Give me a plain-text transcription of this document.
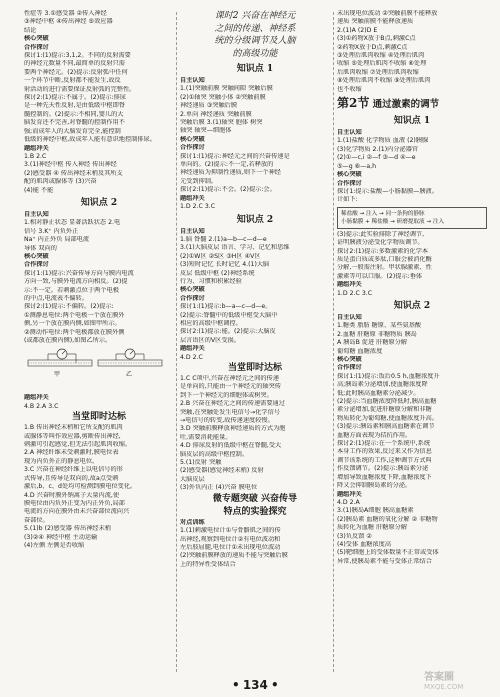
性症等 3.①感受器 ②传入神经
③神经中枢 ④传出神经 ⑤效应器
结论
核心突破
合作探讨
探讨1:(1)提示:3,1,2。不同的反射需要
的神经元数量不同,最简单的反射只需
要两个神经元。(2)提示:反射弧中任何
一个环节中断,反射都不能发生,故反
射活动的进行需要保证反射弧的完整性。
探讨2:(1)提示:不属于。(2)提示:排尿
是一种先天性反射,是由低级中枢即脊
髓控制的。(2)提示:不相同,婴儿的大
脑发育还不完善,对脊髓的控制作用不
强;而成年人的大脑发育完全,能控制
低级的神经中枢,故成年人能有意识地控制排尿。
题组冲关
1.B 2.C
3.(1)神经中枢 传入神经 传出神经
(2)感受器 ④ 传出神经末梢及其所支
配的肌肉或腺体等 (3)兴奋
(4)能 不能
知识点 2
自主认知
1.相对静止状态 显著活跃状态 2.电
信号 3.K⁺ 内负外正
Na⁺ 内正外负 局部电流
导体 双向的
核心突破
合作探讨
探讨1:(1)提示:兴奋传导方向与膜内电流
方向一致,与膜外电流方向相反。(2)提
示:不一定。若刺激点位于两个电极
的中点,电流表不偏转。
探讨2:(1)提示:不偏转。(2)提示:
①测静息电位:两个电极一个放在膜外
侧,另一个放在膜内侧,如图甲所示。
②测动作电位:两个电极都放在膜外侧
(或都放在膜内侧),如图乙所示。
甲	乙
题组冲关
4.B 2.A 3.C
当堂即时达标
1.B 传出神经末梢和它所支配的肌肉
或腺体等叫作效应器,剪断传出神经,
刺激可引起感觉,但无法引起肌肉收缩。
2.A 神经纤维未受刺激时,膜电位表
现为内负外正的静息电位。
3.C 兴奋在神经纤维上以电信号的形
式传导,且传导是双向的,故a点受刺
激后,b、c、d处均可检测到膜电位变化。
4.D 兴奋时膜外钠离子大量内流,使
膜电位由内负外正变为内正外负,局部
电流的方向在膜外由未兴奋部位流向兴
奋部位。
5.(1)b (2)感受器 传出神经末梢
(3)②④ 神经中枢 主动运输
(4)左侧 左侧是否收缩
课时2 兴奋在神经元
之间的传递、神经系
统的分级调节及人脑
的高级功能
知识点 1
自主认知
1.(1)突触前膜 突触间隙 突触后膜
(2)①轴突 突触小体 ②突触前膜
神经递质 ③突触后膜
2.单向 神经递质 突触前膜
突触后膜 3.(1)轴突 胞体 树突
轴突 轴突—细胞体
核心突破
合作探讨
探讨1:(1)提示:神经元之间的兴奋传递是
单向的。(2)提示:不一定,若释放的
神经递质为抑制性递质,则下一个神经
元受到抑制。
探讨2:(1)提示:不会。(2)提示:会。
题组冲关
1.D 2.C 3.C
知识点 2
自主认知
1.脑 脊髓 2.(1)a—b—c—d—e
3.(1)大脑皮层 语言、学习、记忆和思维
(2)①W区 ②S区 ③H区 ④V区
(3)短时记忆 长时记忆 4.(1)大脑
皮层 低级中枢 (2)神经系统
行为、习惯和积累经验
核心突破
合作探讨
探讨1:(1)提示:b—a—c—d—e。
(2)提示:脊髓中的低级中枢受大脑中
相应的高级中枢调控。
探讨2:(1)提示:能。(2)提示:大脑皮
层言语区的V区受损。
题组冲关
4.D 2.C
当堂即时达标
1.C C项中,兴奋在神经元之间的传递
是单向的,只能由一个神经元的轴突传
到下一个神经元的细胞体或树突。
2.B 兴奋在神经元之间的传递需要通过
突触,在突触处发生电信号→化学信号
→电信号的转变,故传递速度较慢。
3.D 突触前膜释放神经递质的方式为胞
吐,需要消耗能量。
4.D 排尿反射的低级中枢在脊髓,受大
脑皮层的高级中枢控制。
5.(1)反射 突触
(2)感受器(感觉神经末梢) 反射
大脑皮层
(3)外负内正 (4)兴奋 膜电位
微专题突破 兴奋传导
特点的实验探究
对点训练
1.(1)刺激电位计①与骨骼肌之间的传
出神经,观察到电位计②有电位波动和
左后肢屈腿,电位计①未出现电位波动
(2)突触前膜释放的递质不能与突触后膜
上的特异性受体结合
未出现电位波动 ②突触前膜不能释放
递质 突触前膜不能释放递质
2.(1)A (2)D E
(3)①药物X放于B点,刺激C点
②药物X放于D点,刺激C点
③处理后肌肉收缩 ④处理后肌肉
收缩 ⑤处理后肌肉不收缩 ⑥处理
后肌肉收缩 ⑦处理后肌肉收缩
⑧处理后肌肉不收缩 ⑨处理后肌肉
也不收缩
第2节 通过激素的调节
知识点 1
自主认知
1.(1)盐酸 化学物质 血液 (2)胰腺
(3)化学物质 2.(1)内分泌器官
(2)①—c,i ②—f ③—d ④—e
⑤—g ⑥—a,h
核心突破
合作探讨
探讨1:提示:盐酸—小肠黏膜—胰液。
计如下:
稀盐酸 → 注入 → 同一条狗的静脉
小肠黏膜 + 稀盐酸 → 研磨提取液 → 注入
(3)提示:此实验排除了神经调节,
证明胰液分泌受化学物质调节。
探讨2:(1)提示:多数激素的化学本
质是蛋白质或多肽,口服会被消化酶
分解,一般需注射。甲状腺激素、性
激素等可以口服。(2)提示:垂体
题组冲关
1.D 2.C 3.C
知识点 2
自主认知
1.糖类 脂肪 糖原、某些氨基酸
2.血糖 肝糖原 非糖物质 胰岛
A 胰岛B 促进 肝糖原分解
葡萄糖 血糖浓度
核心突破
合作探讨
探讨1:(1)提示:饭后0.5 h,血糖浓度升
高;胰岛素分泌增加,使血糖浓度降
低;此时胰高血糖素分泌减少。
(2)提示:当血糖浓度降低时,胰高血糖
素分泌增加,促进肝糖原分解和非糖
物质转化为葡萄糖,使血糖浓度升高。
(3)提示:胰岛素和胰高血糖素在调节
血糖方面表现为拮抗作用。
探讨2:(1)提示:在一个系统中,系统
本身工作的效果,反过来又作为信息
调节该系统的工作,这种调节方式叫
作反馈调节。(2)提示:胰岛素分泌
增加导致血糖浓度下降,血糖浓度下
降又会抑制胰岛素的分泌。
题组冲关
4.D 2.A
3.(1)胰岛A细胞 胰高血糖素
(2)胰岛素 血糖的氧化分解 ② 非糖物
质转化为血糖 肝糖原分解
(3)负反馈 ②
(4)受体 血糖浓度高
(5)靶细胞上的受体数量不正常或受体
异常,使胰岛素不能与受体正常结合
• 134 •
答案圈
MXQE.COM
